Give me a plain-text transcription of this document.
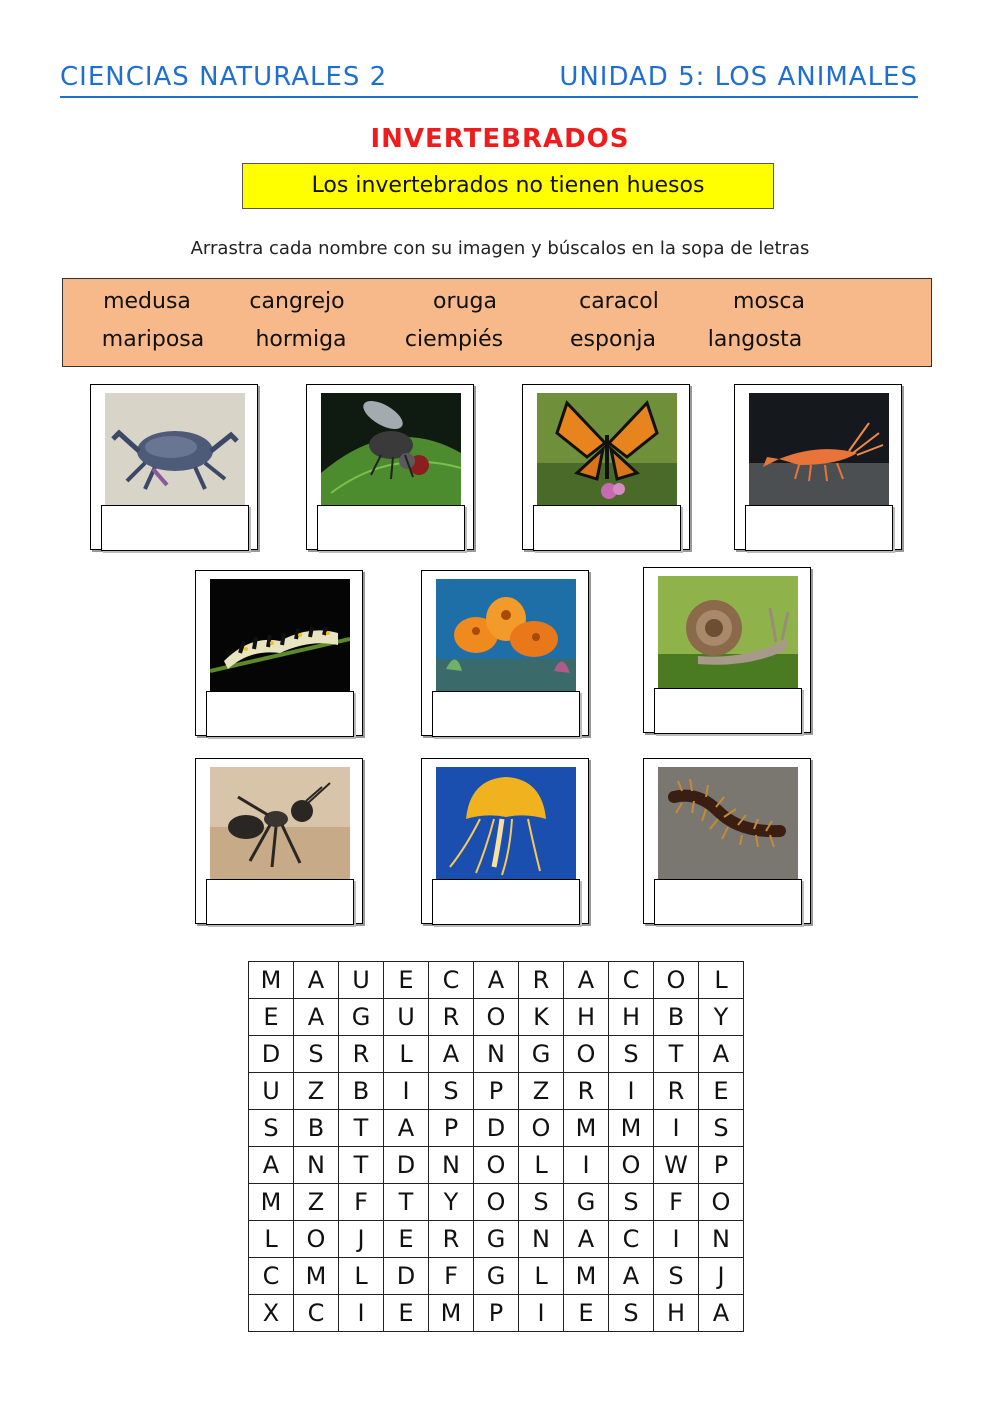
CIENCIAS NATURALES 2	UNIDAD 5: LOS ANIMALES
INVERTEBRADOS
Los invertebrados no tienen huesos
Arrastra cada nombre con su imagen y búscalos en la sopa de letras
medusa	cangrejo	oruga	caracol	mosca
mariposa hormiga	ciempiés	esponja langosta
M	A	U	E	C	A	R	A	C	O	L
E	A	G	U	R	O	K	H	H	B	Y
D	S	R	L	A	N	G	O	S	T	A
U	Z	B	I	S	P	Z	R	I	R	E
S	B	T	A	P	D	O	M	M	I	S
A	N	T	D	N	O	L	I	O	W	P
M	Z	F	T	Y	O	S	G	S	F	O
L	O	J	E	R	G	N	A	C	I	N
C	M	L	D	F	G	L	M	A	S	J
X	C	I	E	M	P	I	E	S	H	A
